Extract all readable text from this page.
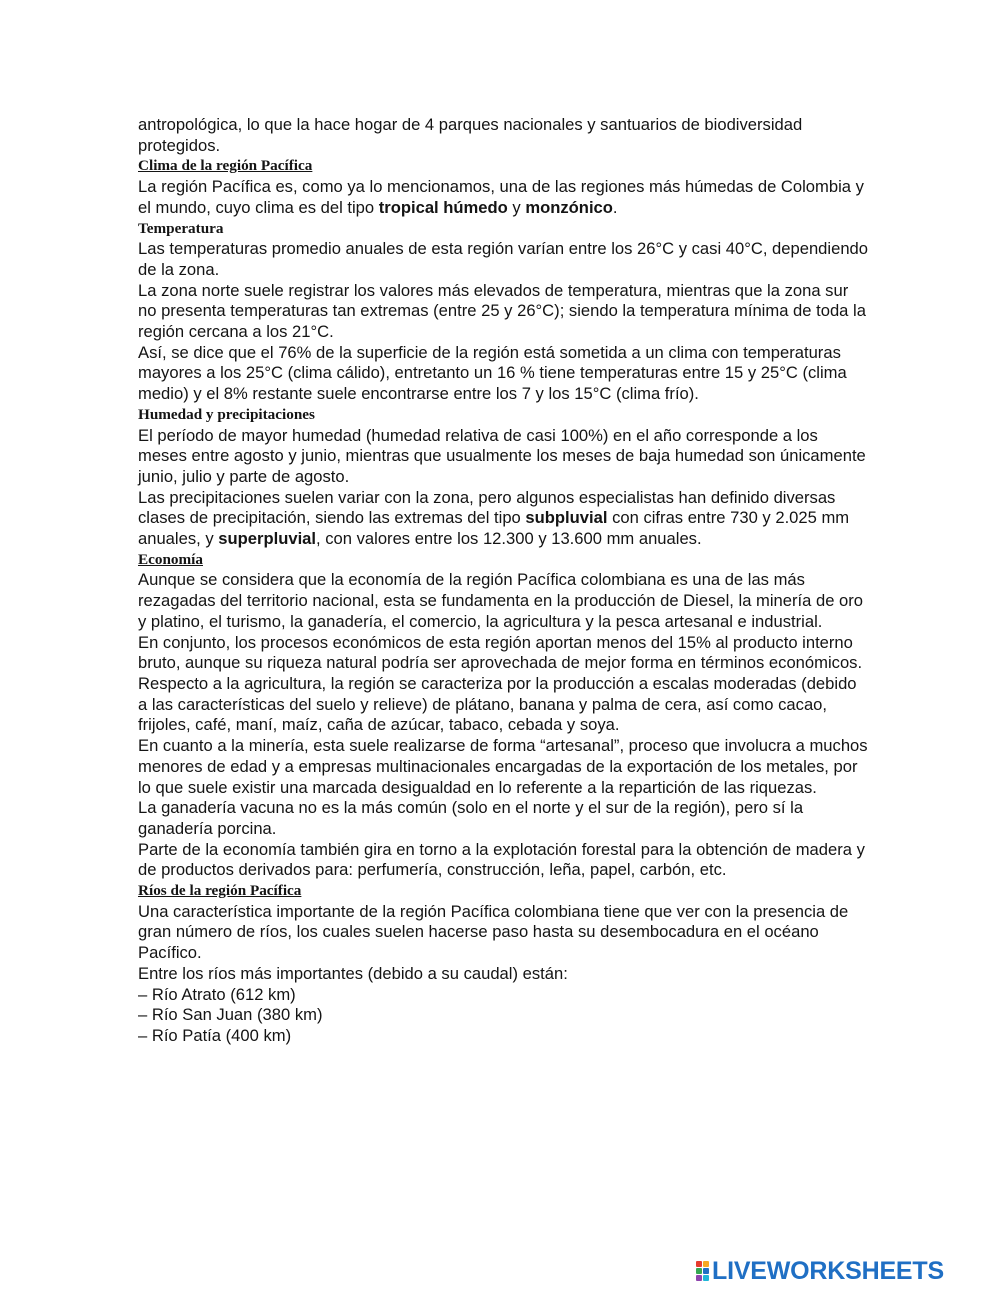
antropológica, lo que la hace hogar de 4 parques nacionales y santuarios de biodiversidad protegidos.

Clima de la región Pacífica

La región Pacífica es, como ya lo mencionamos, una de las regiones más húmedas de Colombia y el mundo, cuyo clima es del tipo tropical húmedo y monzónico.

Temperatura

Las temperaturas promedio anuales de esta región varían entre los 26°C y casi 40°C, dependiendo de la zona.

La zona norte suele registrar los valores más elevados de temperatura, mientras que la zona sur no presenta temperaturas tan extremas (entre 25 y 26°C); siendo la temperatura mínima de toda la región cercana a los 21°C.

Así, se dice que el 76% de la superficie de la región está sometida a un clima con temperaturas mayores a los 25°C (clima cálido), entretanto un 16 % tiene temperaturas entre 15 y 25°C (clima medio) y el 8% restante suele encontrarse entre los 7 y los 15°C (clima frío).

Humedad y precipitaciones

El período de mayor humedad (humedad relativa de casi 100%) en el año corresponde a los meses entre agosto y junio, mientras que usualmente los meses de baja humedad son únicamente junio, julio y parte de agosto.

Las precipitaciones suelen variar con la zona, pero algunos especialistas han definido diversas clases de precipitación, siendo las extremas del tipo subpluvial con cifras entre 730 y 2.025 mm anuales, y superpluvial, con valores entre los 12.300 y 13.600 mm anuales.

Economía

Aunque se considera que la economía de la región Pacífica colombiana es una de las más rezagadas del territorio nacional, esta se fundamenta en la producción de Diesel, la minería de oro y platino, el turismo, la ganadería, el comercio, la agricultura y la pesca artesanal e industrial.

En conjunto, los procesos económicos de esta región aportan menos del 15% al producto interno bruto, aunque su riqueza natural podría ser aprovechada de mejor forma en términos económicos.

Respecto a la agricultura, la región se caracteriza por la producción a escalas moderadas (debido a las características del suelo y relieve) de plátano, banana y palma de cera, así como cacao, frijoles, café, maní, maíz, caña de azúcar, tabaco, cebada y soya.

En cuanto a la minería, esta suele realizarse de forma “artesanal”, proceso que involucra a muchos menores de edad y a empresas multinacionales encargadas de la exportación de los metales, por lo que suele existir una marcada desigualdad en lo referente a la repartición de las riquezas.

La ganadería vacuna no es la más común (solo en el norte y el sur de la región), pero sí la ganadería porcina.

Parte de la economía también gira en torno a la explotación forestal para la obtención de madera y de productos derivados para: perfumería, construcción, leña, papel, carbón, etc.

Ríos de la región Pacífica

Una característica importante de la región Pacífica colombiana tiene que ver con la presencia de gran número de ríos, los cuales suelen hacerse paso hasta su desembocadura en el océano Pacífico.

Entre los ríos más importantes (debido a su caudal) están:

– Río Atrato (612 km)

– Río San Juan (380 km)

– Río Patía (400 km)

LIVEWORKSHEETS
